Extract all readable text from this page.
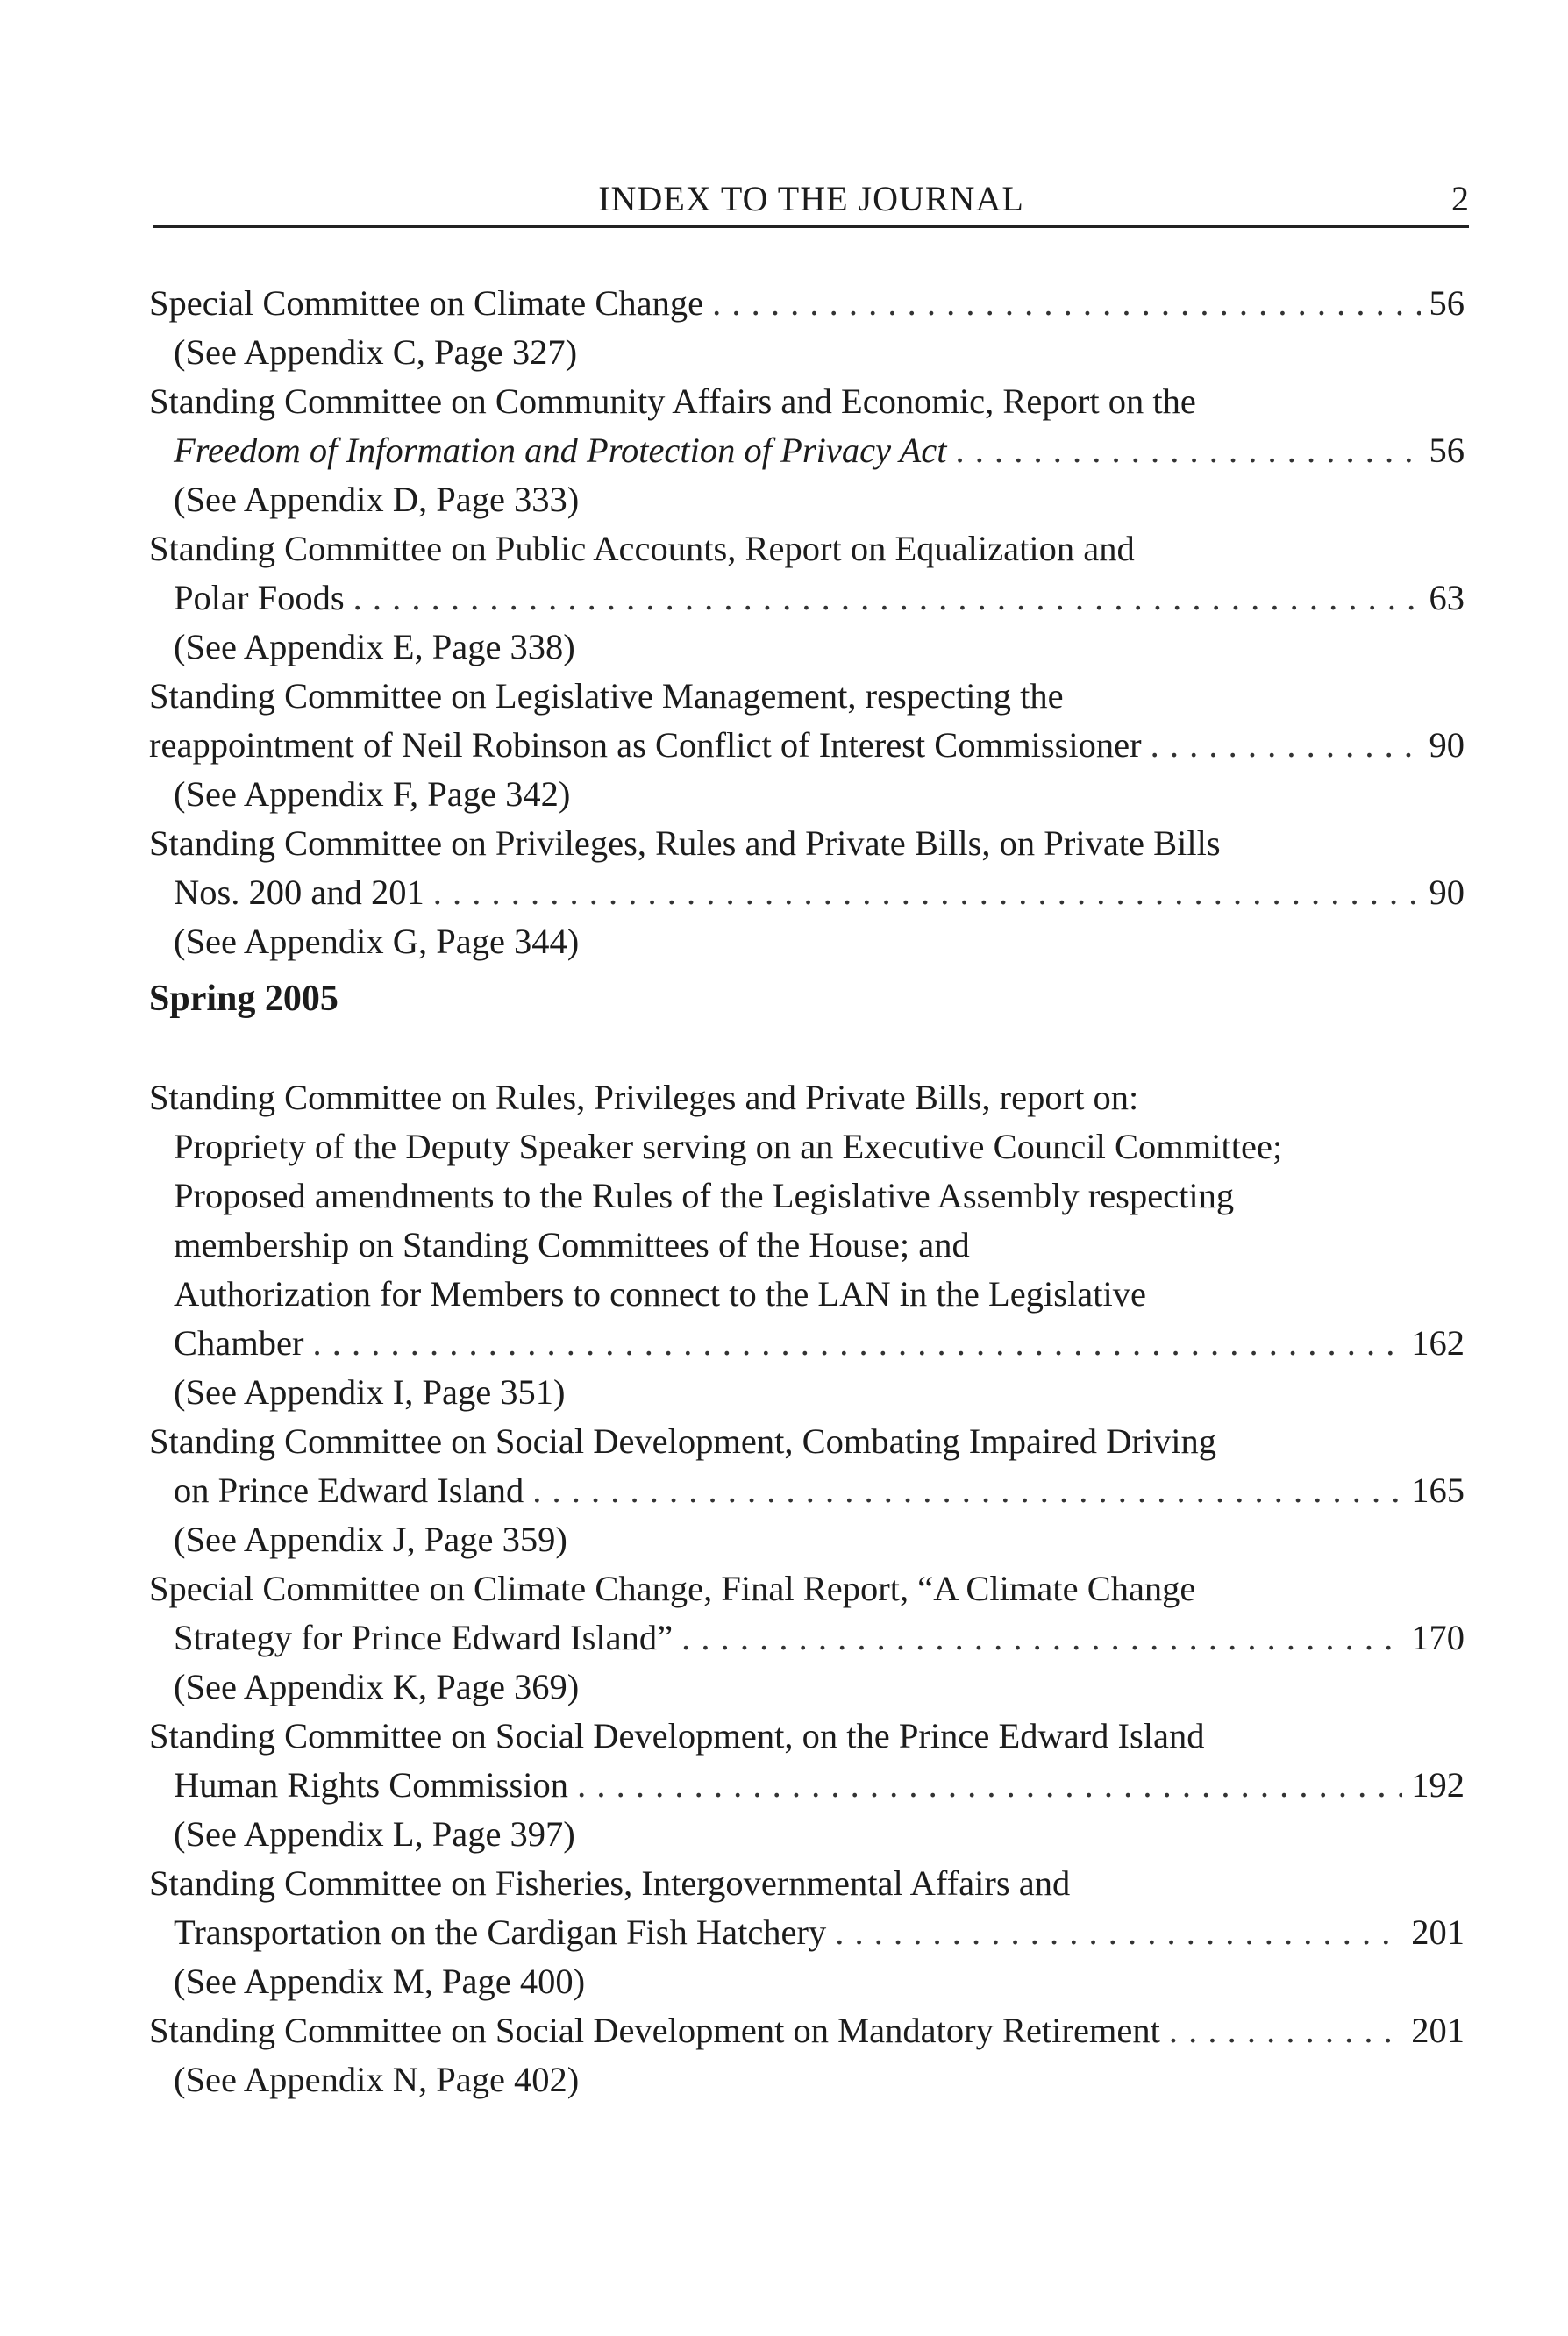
INDEX TO THE JOURNAL	2
Special Committee on Climate Change . . .	56
(See Appendix C, Page 327)
Standing Committee on Community Affairs and Economic, Report on the
Freedom of Information and Protection of Privacy Act . . .	56
(See Appendix D, Page 333)
Standing Committee on Public Accounts, Report on Equalization and
Polar Foods . . .	63
(See Appendix E, Page 338)
Standing Committee on Legislative Management, respecting the
reappointment of Neil Robinson as Conflict of Interest Commissioner . . .	90
(See Appendix F, Page 342)
Standing Committee on Privileges, Rules and Private Bills, on Private Bills
Nos. 200 and 201 . . .	90
(See Appendix G, Page 344)
Spring 2005
Standing Committee on Rules, Privileges and Private Bills, report on:
Propriety of the Deputy Speaker serving on an Executive Council Committee;
Proposed amendments to the Rules of the Legislative Assembly respecting
membership on Standing Committees of the House; and
Authorization for Members to connect to the LAN in the Legislative
Chamber . . .	162
(See Appendix I, Page 351)
Standing Committee on Social Development, Combating Impaired Driving
on Prince Edward Island . . .	165
(See Appendix J, Page 359)
Special Committee on Climate Change, Final Report, “A Climate Change
Strategy for Prince Edward Island” . . .	170
(See Appendix K, Page 369)
Standing Committee on Social Development, on the Prince Edward Island
Human Rights Commission . . .	192
(See Appendix L, Page 397)
Standing Committee on Fisheries, Intergovernmental Affairs and
Transportation on the Cardigan Fish Hatchery . . .	201
(See Appendix M, Page 400)
Standing Committee on Social Development on Mandatory Retirement . . .	201
(See Appendix N, Page 402)
